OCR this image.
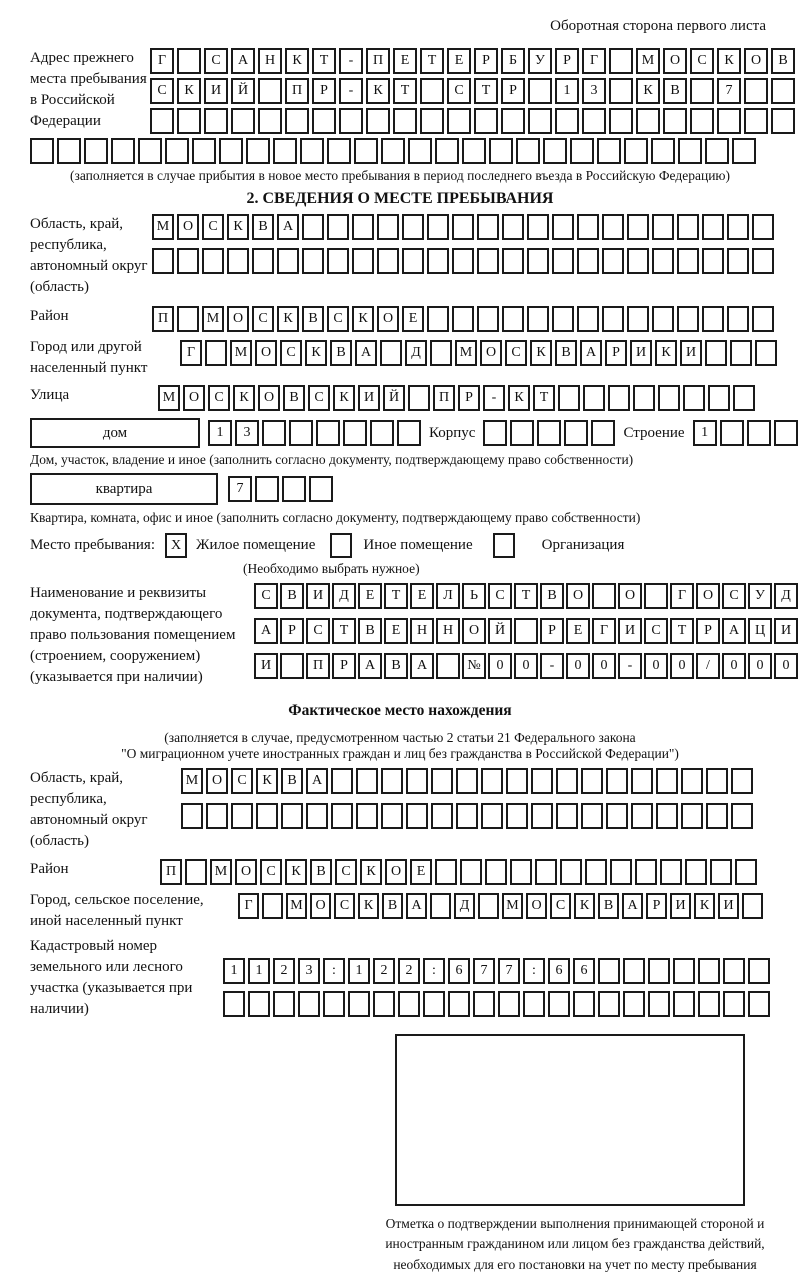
Оборотная сторона первого листа
Адрес прежнего места пребывания в Российской Федерации
Г	С	А	Н	К	Т	-	П	Е	Т	Е	Р	Б	У	Р	Г	М	О	С	К	О	В
С	К	И	Й	П	Р	-	К	Т	С	Т	Р	1	3	К	В	7
(заполняется в случае прибытия в новое место пребывания в период последнего въезда в Российскую Федерацию)
2. СВЕДЕНИЯ О МЕСТЕ ПРЕБЫВАНИЯ
Область, край, республика, автономный округ (область)
М О	С	К	В	А
Район	П	М О	С	К	В	С	К	О	Е
Город или другой населенный пункт
Г	М О	С	К	В	А	Д	М О	С	К	В	А	Р	И	К	И
Улица	М О	С	К	О	В	С	К	И	Й	П	Р	-	К	Т
дом	1	3	Корпус	Строение	1
Дом, участок, владение и иное (заполнить согласно документу, подтверждающему право собственности)
квартира	7
Квартира, комната, офис и иное (заполнить согласно документу, подтверждающему право собственности)
Место пребывания:	X Жилое помещение	Иное помещение	Организация
(Необходимо выбрать нужное)
Наименование и реквизиты документа, подтверждающего право пользования помещением (строением, сооружением) (указывается при наличии)
С	В	И	Д	Е	Т	Е	Л	Ь	С	Т	В	О	О	Г	О	С	У	Д
А	Р	С	Т	В	Е	Н	Н	О	Й	Р	Е	Г	И	С	Т	Р	А	Ц	И
И	П	Р	А	В	А	№	0	0	-	0	0	-	0	0	/	0	0	0
Фактическое место нахождения
(заполняется в случае, предусмотренном частью 2 статьи 21 Федерального закона
"О миграционном учете иностранных граждан и лиц без гражданства в Российской Федерации")
Область, край, республика, автономный округ (область)
М О	С	К	В	А
Район	П	М О	С	К	В	С	К	О	Е
Город, сельское поселение, иной населенный пункт
Г	М О	С	К	В	А	Д	М О	С	К	В	А	Р	И	К	И
Кадастровый номер земельного или лесного участка (указывается при наличии)
1	1	2	3	:	1	2	2	:	6	7	7	:	6	6
Отметка о подтверждении выполнения принимающей стороной и иностранным гражданином или лицом без гражданства действий, необходимых для его постановки на учет по месту пребывания
